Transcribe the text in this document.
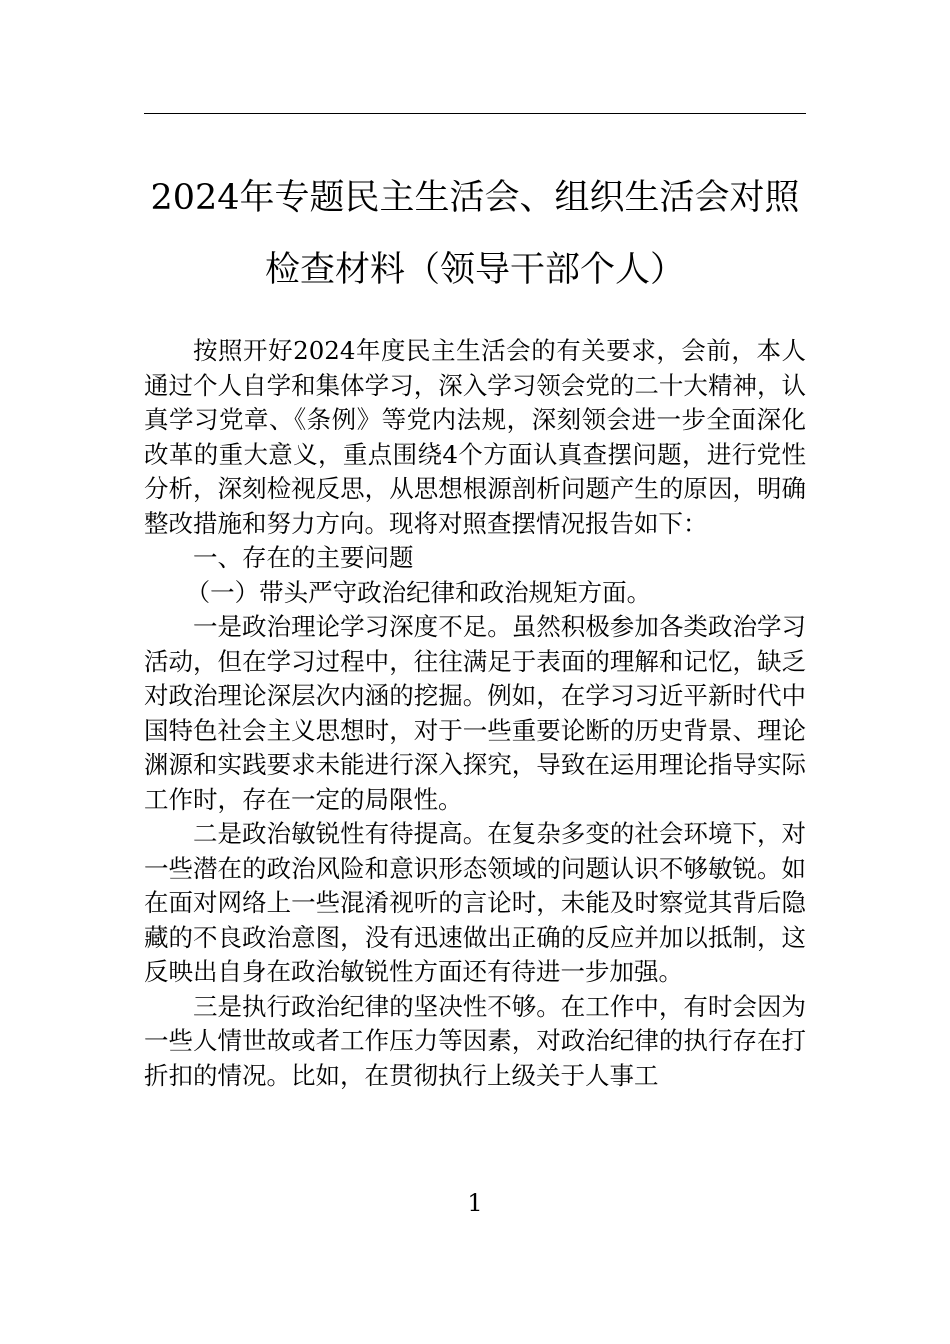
2024年专题民主生活会、组织生活会对照
检查材料（领导干部个人）

按照开好2024年度民主生活会的有关要求，会前，本人通过个人自学和集体学习，深入学习领会党的二十大精神，认真学习党章、《条例》等党内法规，深刻领会进一步全面深化改革的重大意义，重点围绕4个方面认真查摆问题，进行党性分析，深刻检视反思，从思想根源剖析问题产生的原因，明确整改措施和努力方向。现将对照查摆情况报告如下：

一、存在的主要问题

（一）带头严守政治纪律和政治规矩方面。

一是政治理论学习深度不足。虽然积极参加各类政治学习活动，但在学习过程中，往往满足于表面的理解和记忆，缺乏对政治理论深层次内涵的挖掘。例如，在学习习近平新时代中国特色社会主义思想时，对于一些重要论断的历史背景、理论渊源和实践要求未能进行深入探究，导致在运用理论指导实际工作时，存在一定的局限性。

二是政治敏锐性有待提高。在复杂多变的社会环境下，对一些潜在的政治风险和意识形态领域的问题认识不够敏锐。如在面对网络上一些混淆视听的言论时，未能及时察觉其背后隐藏的不良政治意图，没有迅速做出正确的反应并加以抵制，这反映出自身在政治敏锐性方面还有待进一步加强。

三是执行政治纪律的坚决性不够。在工作中，有时会因为一些人情世故或者工作压力等因素，对政治纪律的执行存在打折扣的情况。比如，在贯彻执行上级关于人事工

1
